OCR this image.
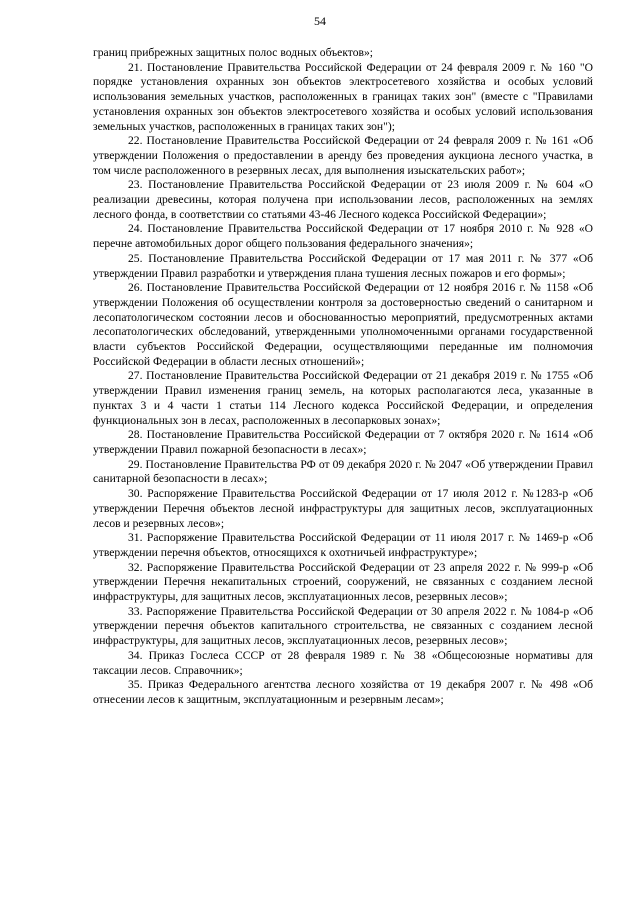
54

границ прибрежных защитных полос водных объектов»;

21. Постановление Правительства Российской Федерации от 24 февраля 2009 г. № 160 "О порядке установления охранных зон объектов электросетевого хозяйства и особых условий использования земельных участков, расположенных в границах таких зон" (вместе с "Правилами установления охранных зон объектов электросетевого хозяйства и особых условий использования земельных участков, расположенных в границах таких зон");

22. Постановление Правительства Российской Федерации от 24 февраля 2009 г. № 161 «Об утверждении Положения о предоставлении в аренду без проведения аукциона лесного участка, в том числе расположенного в резервных лесах, для выполнения изыскательских работ»;

23. Постановление Правительства Российской Федерации от 23 июля 2009 г. № 604 «О реализации древесины, которая получена при использовании лесов, расположенных на землях лесного фонда, в соответствии со статьями 43-46 Лесного кодекса Российской Федерации»;

24. Постановление Правительства Российской Федерации от 17 ноября 2010 г. № 928 «О перечне автомобильных дорог общего пользования федерального значения»;

25. Постановление Правительства Российской Федерации от 17 мая 2011 г. № 377 «Об утверждении Правил разработки и утверждения плана тушения лесных пожаров и его формы»;

26. Постановление Правительства Российской Федерации от 12 ноября 2016 г. № 1158 «Об утверждении Положения об осуществлении контроля за достоверностью сведений о санитарном и лесопатологическом состоянии лесов и обоснованностью мероприятий, предусмотренных актами лесопатологических обследований, утвержденными уполномоченными органами государственной власти субъектов Российской Федерации, осуществляющими переданные им полномочия Российской Федерации в области лесных отношений»;

27. Постановление Правительства Российской Федерации от 21 декабря 2019 г. № 1755 «Об утверждении Правил изменения границ земель, на которых располагаются леса, указанные в пунктах 3 и 4 части 1 статьи 114 Лесного кодекса Российской Федерации, и определения функциональных зон в лесах, расположенных в лесопарковых зонах»;

28. Постановление Правительства Российской Федерации от 7 октября 2020 г. № 1614 «Об утверждении Правил пожарной безопасности в лесах»;

29. Постановление Правительства РФ от 09 декабря 2020 г. № 2047 «Об утверждении Правил санитарной безопасности в лесах»;

30. Распоряжение Правительства Российской Федерации от 17 июля 2012 г. №1283-р «Об утверждении Перечня объектов лесной инфраструктуры для защитных лесов, эксплуатационных лесов и резервных лесов»;

31. Распоряжение Правительства Российской Федерации от 11 июля 2017 г. № 1469-р «Об утверждении перечня объектов, относящихся к охотничьей инфраструктуре»;

32. Распоряжение Правительства Российской Федерации от 23 апреля 2022 г. № 999-р «Об утверждении Перечня некапитальных строений, сооружений, не связанных с созданием лесной инфраструктуры, для защитных лесов, эксплуатационных лесов, резервных лесов»;

33. Распоряжение Правительства Российской Федерации от 30 апреля 2022 г. № 1084-р «Об утверждении перечня объектов капитального строительства, не связанных с созданием лесной инфраструктуры, для защитных лесов, эксплуатационных лесов, резервных лесов»;

34. Приказ Гослеса СССР от 28 февраля 1989 г. № 38 «Общесоюзные нормативы для таксации лесов. Справочник»;

35. Приказ Федерального агентства лесного хозяйства от 19 декабря 2007 г. № 498 «Об отнесении лесов к защитным, эксплуатационным и резервным лесам»;
